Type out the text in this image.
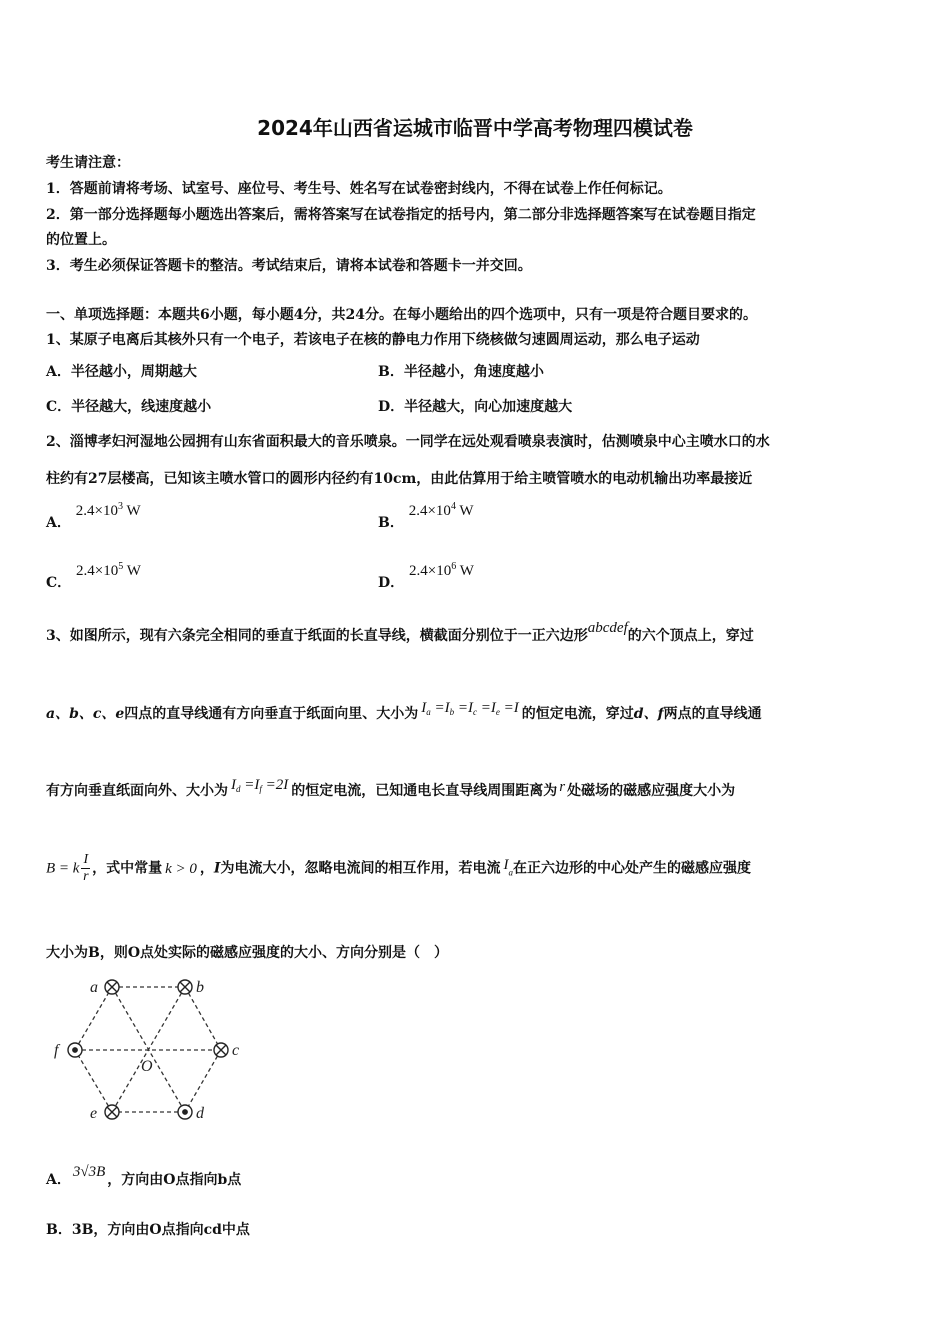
2024年山西省运城市临晋中学高考物理四模试卷
考生请注意：
1．答题前请将考场、试室号、座位号、考生号、姓名写在试卷密封线内，不得在试卷上作任何标记。
2．第一部分选择题每小题选出答案后，需将答案写在试卷指定的括号内，第二部分非选择题答案写在试卷题目指定
的位置上。
3．考生必须保证答题卡的整洁。考试结束后，请将本试卷和答题卡一并交回。
一、单项选择题：本题共6小题，每小题4分，共24分。在每小题给出的四个选项中，只有一项是符合题目要求的。
1、某原子电离后其核外只有一个电子，若该电子在核的静电力作用下绕核做匀速圆周运动，那么电子运动
A．半径越小，周期越大	B．半径越小，角速度越小
C．半径越大，线速度越小	D．半径越大，向心加速度越大
2、淄博孝妇河湿地公园拥有山东省面积最大的音乐喷泉。一同学在远处观看喷泉表演时，估测喷泉中心主喷水口的水
柱约有27层楼高，已知该主喷水管口的圆形内径约有10cm，由此估算用于给主喷管喷水的电动机输出功率最接近
A． $2.4\times 10^3$ W
B． $2.4\times 10^4$ W
C． $2.4\times 10^5$ W
D． $2.4\times 10^6$ W
3、如图所示，现有六条完全相同的垂直于纸面的长直导线，横截面分别位于一正六边形abcdef的六个顶点上，穿过
a、b、c、e四点的直导线通有方向垂直于纸面向里、大小为 $I_a =I_b =I_c =I_e =I$ 的恒定电流，穿过d、f两点的直导线通
有方向垂直纸面向外、大小为 $I_d =I_f =2I$ 的恒定电流，已知通电长直导线周围距离为 r 处磁场的磁感应强度大小为
B = k $\frac{I}{r}$ ，式中常量 k > 0 ，I为电流大小，忽略电流间的相互作用，若电流 $I_a$在正六边形的中心处产生的磁感应强度
大小为B，则O点处实际的磁感应强度的大小、方向分别是（　）
a	b
c
d
e
f
O
A． 3√3B ，方向由O点指向b点
B．3B，方向由O点指向cd中点
